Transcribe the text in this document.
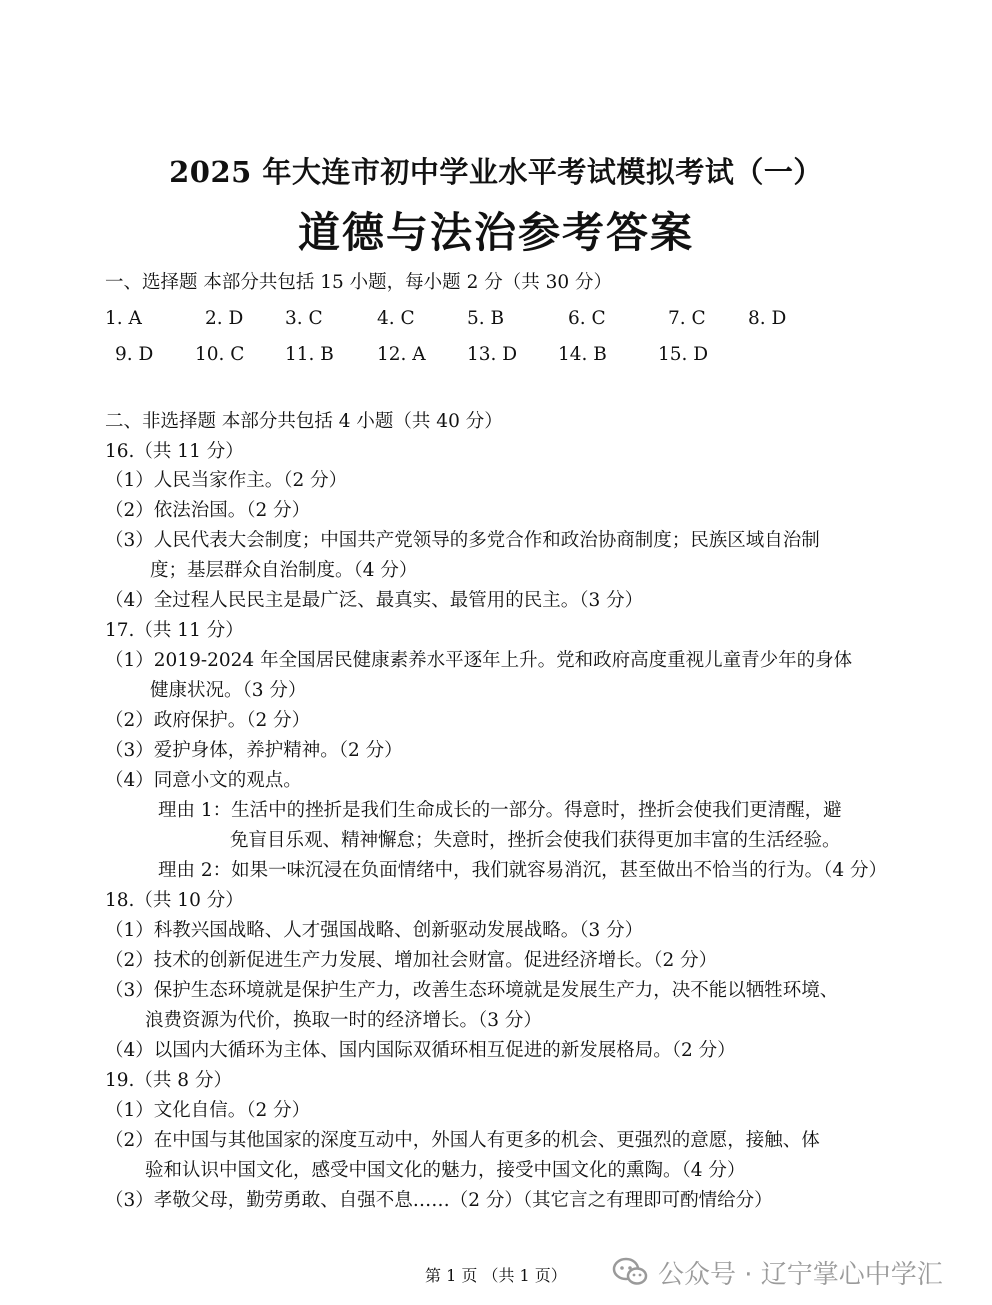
2025 年大连市初中学业水平考试模拟考试（一）
道德与法治参考答案
一、选择题 本部分共包括 15 小题，每小题 2 分（共 30 分）
1. A	2. D 3. C	4. C	5. B	6. C	7. C 8. D
9. D 10. C 11. B 12. A 13. D 14. B	15. D
二、非选择题 本部分共包括 4 小题（共 40 分）
16.（共 11 分）
（1）人民当家作主。（2 分）
（2）依法治国。（2 分）
（3）人民代表大会制度；中国共产党领导的多党合作和政治协商制度；民族区域自治制
度；基层群众自治制度。（4 分）
（4）全过程人民民主是最广泛、最真实、最管用的民主。（3 分）
17.（共 11 分）
（1）2019-2024 年全国居民健康素养水平逐年上升。党和政府高度重视儿童青少年的身体
健康状况。（3 分）
（2）政府保护。（2 分）
（3）爱护身体，养护精神。（2 分）
（4）同意小文的观点。
理由 1：生活中的挫折是我们生命成长的一部分。得意时，挫折会使我们更清醒，避
免盲目乐观、精神懈怠；失意时，挫折会使我们获得更加丰富的生活经验。
理由 2：如果一味沉浸在负面情绪中，我们就容易消沉，甚至做出不恰当的行为。（4 分）
18.（共 10 分）
（1）科教兴国战略、人才强国战略、创新驱动发展战略。（3 分）
（2）技术的创新促进生产力发展、增加社会财富。促进经济增长。（2 分）
（3）保护生态环境就是保护生产力，改善生态环境就是发展生产力，决不能以牺牲环境、
浪费资源为代价，换取一时的经济增长。（3 分）
（4）以国内大循环为主体、国内国际双循环相互促进的新发展格局。（2 分）
19.（共 8 分）
（1）文化自信。（2 分）
（2）在中国与其他国家的深度互动中，外国人有更多的机会、更强烈的意愿，接触、体
验和认识中国文化，感受中国文化的魅力，接受中国文化的熏陶。（4 分）
（3）孝敬父母，勤劳勇敢、自强不息……（2 分）（其它言之有理即可酌情给分）
第 1 页 （共 1 页）	公众号 · 辽宁掌心中学汇
